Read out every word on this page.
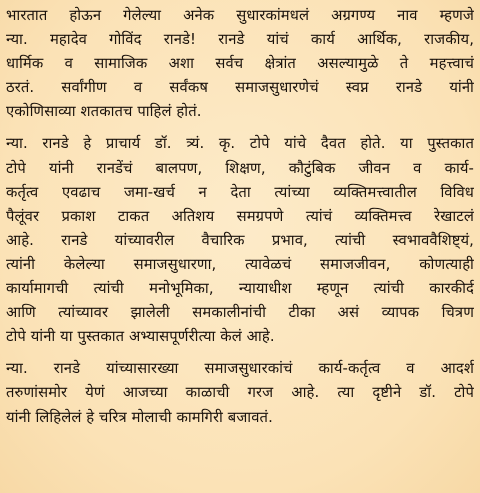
भारतात होऊन गेलेल्या अनेक सुधारकांमधलं अग्रगण्य नाव म्हणजे
न्या. महादेव गोविंद रानडे! रानडे यांचं कार्य आर्थिक, राजकीय,
धार्मिक व सामाजिक अशा सर्वच क्षेत्रांत असल्यामुळे ते महत्त्वाचं
ठरतं. सर्वांगीण व सर्वंकष समाजसुधारणेचं स्वप्न रानडे यांनी
एकोणिसाव्या शतकातच पाहिलं होतं.

न्या. रानडे हे प्राचार्य डॉ. त्र्यं. कृ. टोपे यांचे दैवत होते. या पुस्तकात
टोपे यांनी रानडेंचं बालपण, शिक्षण, कौटुंबिक जीवन व कार्य-
कर्तृत्व एवढाच जमा-खर्च न देता त्यांच्या व्यक्तिमत्त्वातील विविध
पैलूंवर प्रकाश टाकत अतिशय समग्रपणे त्यांचं व्यक्तिमत्त्व रेखाटलं
आहे. रानडे यांच्यावरील वैचारिक प्रभाव, त्यांची स्वभाववैशिष्ट्यं,
त्यांनी केलेल्या समाजसुधारणा, त्यावेळचं समाजजीवन, कोणत्याही
कार्यामागची त्यांची मनोभूमिका, न्यायाधीश म्हणून त्यांची कारकीर्द
आणि त्यांच्यावर झालेली समकालीनांची टीका असं व्यापक चित्रण
टोपे यांनी या पुस्तकात अभ्यासपूर्णरीत्या केलं आहे.

न्या. रानडे यांच्यासारख्या समाजसुधारकांचं कार्य-कर्तृत्व व आदर्श
तरुणांसमोर येणं आजच्या काळाची गरज आहे. त्या दृष्टीने डॉ. टोपे
यांनी लिहिलेलं हे चरित्र मोलाची कामगिरी बजावतं.
